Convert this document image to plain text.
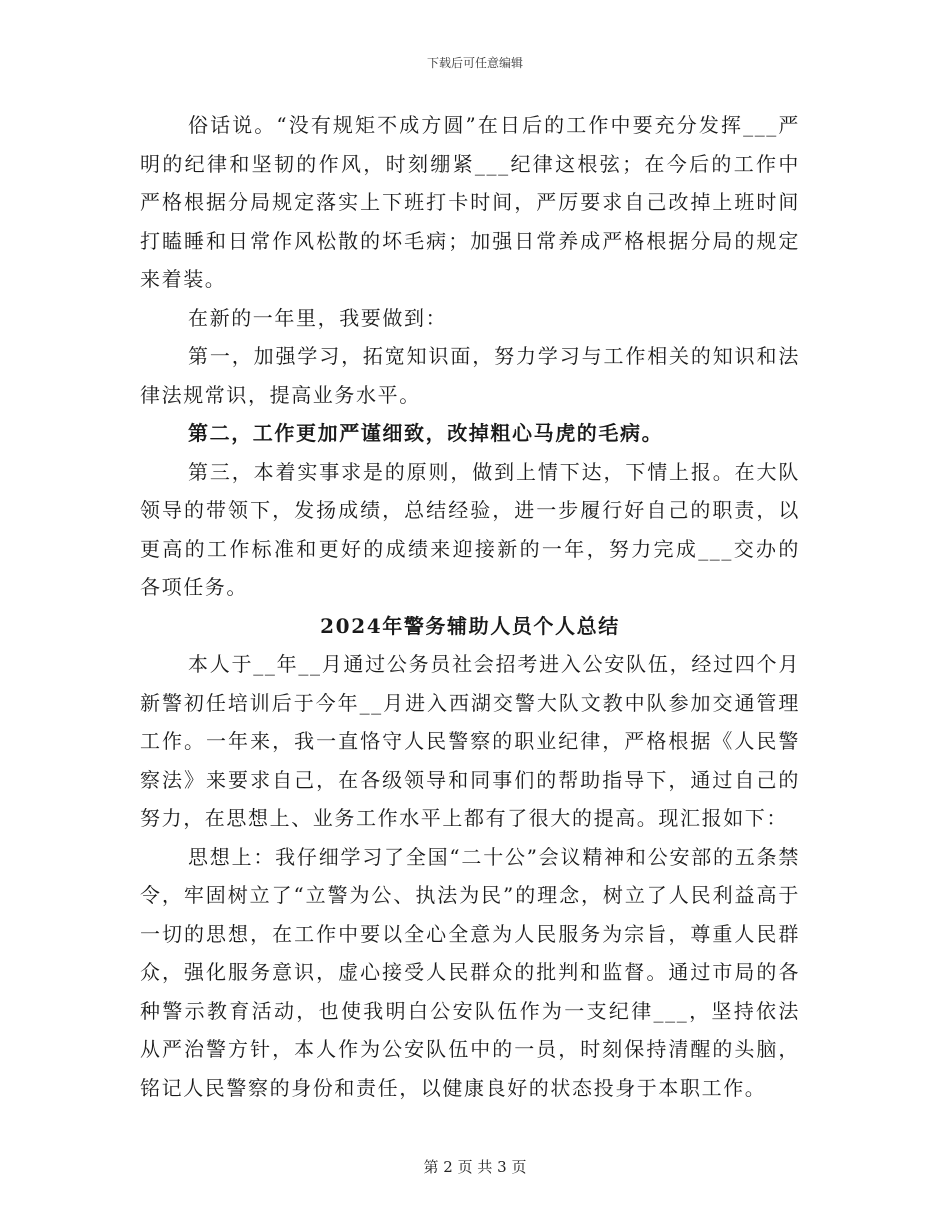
下载后可任意编辑

俗话说。“没有规矩不成方圆”在日后的工作中要充分发挥___严明的纪律和坚韧的作风，时刻绷紧___纪律这根弦；在今后的工作中严格根据分局规定落实上下班打卡时间，严厉要求自己改掉上班时间打瞌睡和日常作风松散的坏毛病；加强日常养成严格根据分局的规定来着装。

在新的一年里，我要做到：

第一，加强学习，拓宽知识面，努力学习与工作相关的知识和法律法规常识，提高业务水平。

第二，工作更加严谨细致，改掉粗心马虎的毛病。

第三，本着实事求是的原则，做到上情下达，下情上报。在大队领导的带领下，发扬成绩，总结经验，进一步履行好自己的职责，以更高的工作标准和更好的成绩来迎接新的一年，努力完成___交办的各项任务。

2024年警务辅助人员个人总结

本人于__年__月通过公务员社会招考进入公安队伍，经过四个月新警初任培训后于今年__月进入西湖交警大队文教中队参加交通管理工作。一年来，我一直恪守人民警察的职业纪律，严格根据《人民警察法》来要求自己，在各级领导和同事们的帮助指导下，通过自己的努力，在思想上、业务工作水平上都有了很大的提高。现汇报如下：

思想上：我仔细学习了全国“二十公”会议精神和公安部的五条禁令，牢固树立了“立警为公、执法为民”的理念，树立了人民利益高于一切的思想，在工作中要以全心全意为人民服务为宗旨，尊重人民群众，强化服务意识，虚心接受人民群众的批判和监督。通过市局的各种警示教育活动，也使我明白公安队伍作为一支纪律___，坚持依法从严治警方针，本人作为公安队伍中的一员，时刻保持清醒的头脑，铭记人民警察的身份和责任，以健康良好的状态投身于本职工作。

第 2 页 共 3 页
